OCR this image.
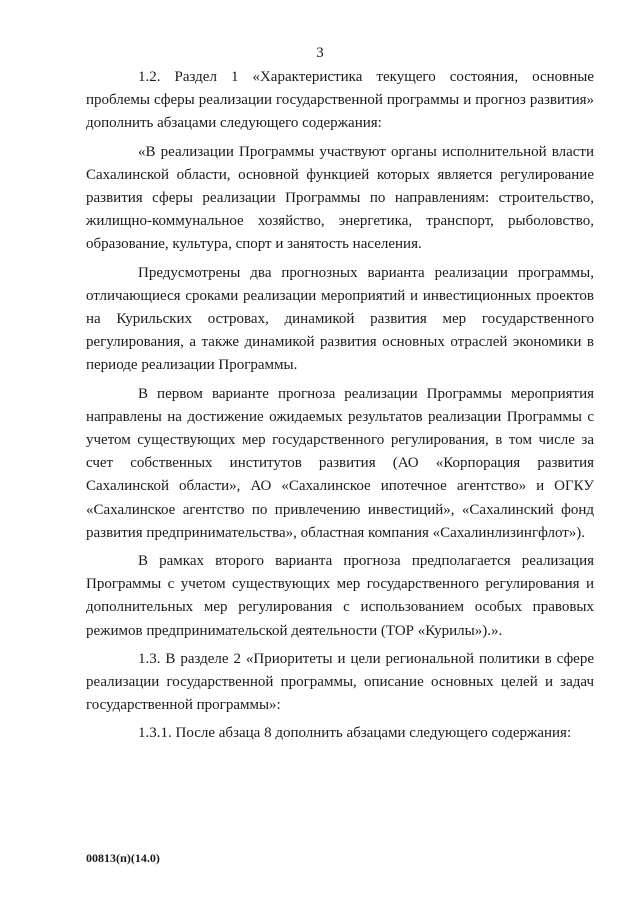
3

1.2. Раздел 1 «Характеристика текущего состояния, основные проблемы сферы реализации государственной программы и прогноз развития» дополнить абзацами следующего содержания:

«В реализации Программы участвуют органы исполнительной власти Сахалинской области, основной функцией которых является регулирование развития сферы реализации Программы по направлениям: строительство, жилищно-коммунальное хозяйство, энергетика, транспорт, рыболовство, образование, культура, спорт и занятость населения.

Предусмотрены два прогнозных варианта реализации программы, отличающиеся сроками реализации мероприятий и инвестиционных проектов на Курильских островах, динамикой развития мер государственного регулирования, а также динамикой развития основных отраслей экономики в периоде реализации Программы.

В первом варианте прогноза реализации Программы мероприятия направлены на достижение ожидаемых результатов реализации Программы с учетом существующих мер государственного регулирования, в том числе за счет собственных институтов развития (АО «Корпорация развития Сахалинской области», АО «Сахалинское ипотечное агентство» и ОГКУ «Сахалинское агентство по привлечению инвестиций», «Сахалинский фонд развития предпринимательства», областная компания «Сахалинлизингфлот»).

В рамках второго варианта прогноза предполагается реализация Программы с учетом существующих мер государственного регулирования и дополнительных мер регулирования с использованием особых правовых режимов предпринимательской деятельности (ТОР «Курилы»).».

1.3. В разделе 2 «Приоритеты и цели региональной политики в сфере реализации государственной программы, описание основных целей и задач государственной программы»:

1.3.1. После абзаца 8 дополнить абзацами следующего содержания:

00813(п)(14.0)
